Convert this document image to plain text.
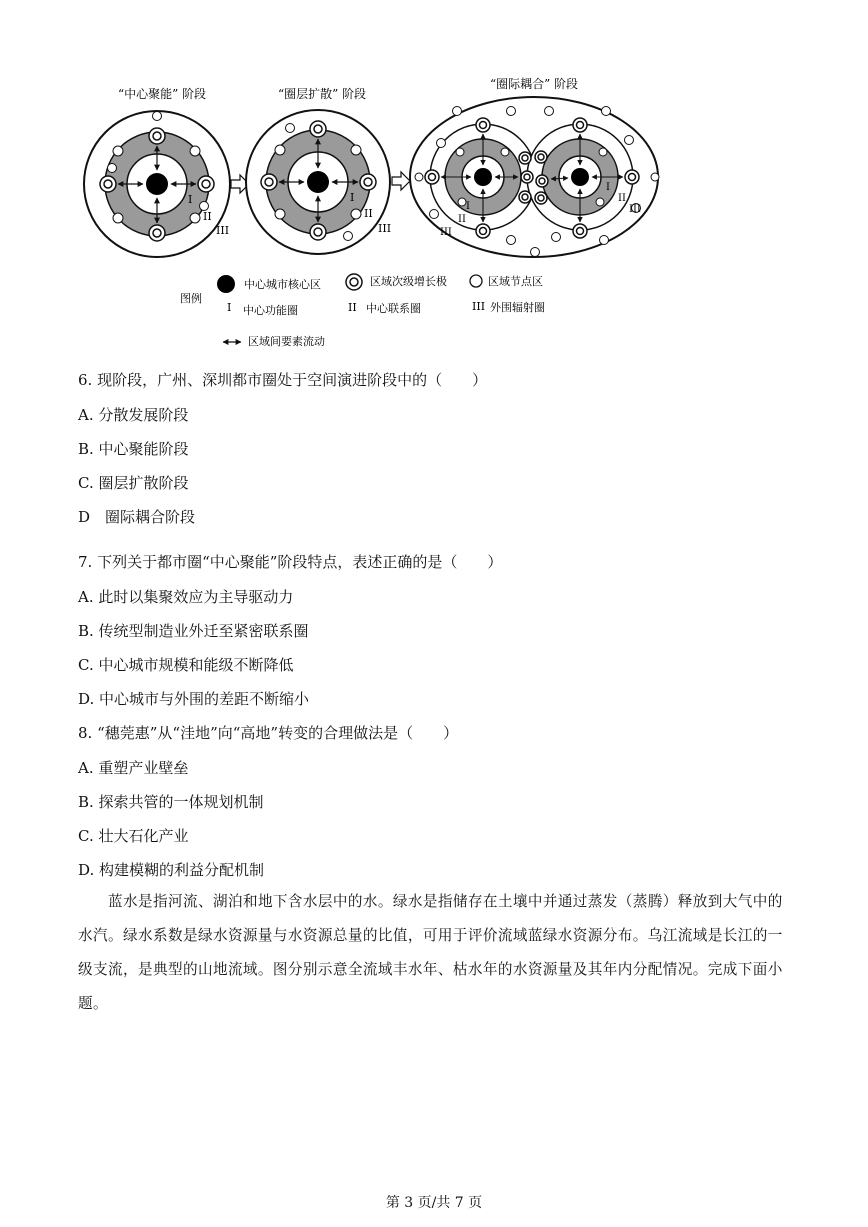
“中心聚能” 阶段	“圈层扩散” 阶段
“圈际耦合” 阶段
I
II
III
I
II
III
I
II
III
I
II
III
图例
中心城市核心区	区域次级增长极	区域节点区
I 中心功能圈	II 中心联系圈	III 外围辐射圈
区域间要素流动
6. 现阶段，广州、深圳都市圈处于空间演进阶段中的（　　）
A. 分散发展阶段
B. 中心聚能阶段
C. 圈层扩散阶段
D　圈际耦合阶段
7. 下列关于都市圈“中心聚能”阶段特点，表述正确的是（　　）
A. 此时以集聚效应为主导驱动力
B. 传统型制造业外迁至紧密联系圈
C. 中心城市规模和能级不断降低
D. 中心城市与外围的差距不断缩小
8. “穗莞惠”从“洼地”向“高地”转变的合理做法是（　　）
A. 重塑产业壁垒
B. 探索共管的一体规划机制
C. 壮大石化产业
D. 构建模糊的利益分配机制
蓝水是指河流、湖泊和地下含水层中的水。绿水是指储存在土壤中并通过蒸发（蒸腾）释放到大气中的水汽。绿水系数是绿水资源量与水资源总量的比值，可用于评价流域蓝绿水资源分布。乌江流域是长江的一级支流，是典型的山地流域。图分别示意全流域丰水年、枯水年的水资源量及其年内分配情况。完成下面小题。
第 3 页/共 7 页
